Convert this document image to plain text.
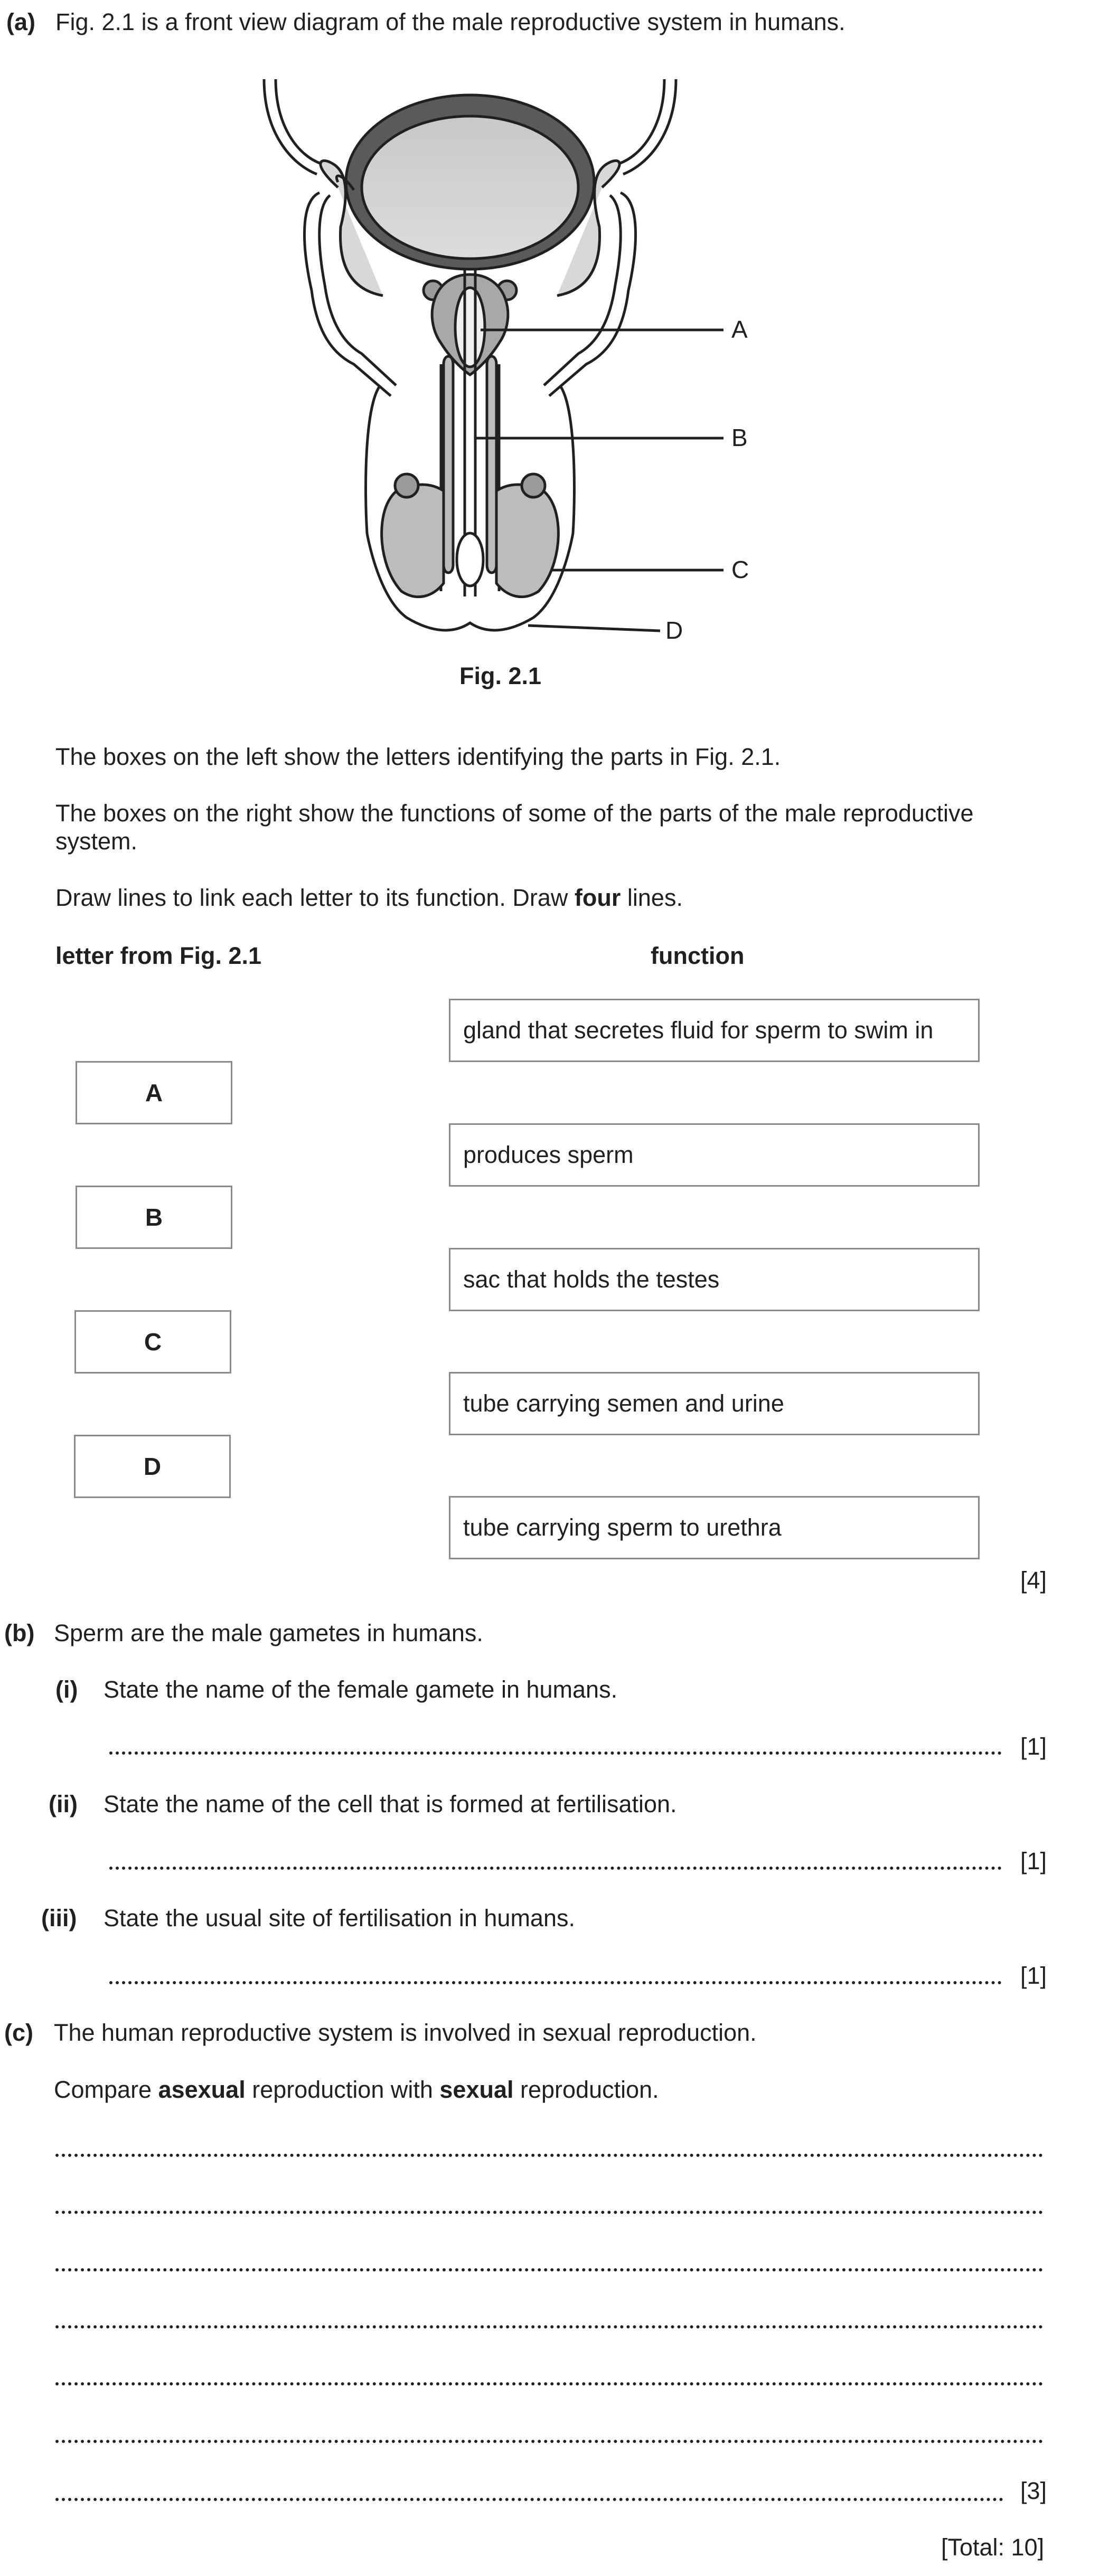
(a) Fig. 2.1 is a front view diagram of the male reproductive system in humans.
A
B
C
D
Fig. 2.1
The boxes on the left show the letters identifying the parts in Fig. 2.1.
The boxes on the right show the functions of some of the parts of the male reproductive
system.
Draw lines to link each letter to its function. Draw four lines.
letter from Fig. 2.1	function
A
B
C
D
gland that secretes fluid for sperm to swim in
produces sperm
sac that holds the testes
tube carrying semen and urine
tube carrying sperm to urethra
[4]
(b) Sperm are the male gametes in humans.
(i) State the name of the female gamete in humans.
[1]
(ii) State the name of the cell that is formed at fertilisation.
[1]
(iii) State the usual site of fertilisation in humans.
[1]
(c) The human reproductive system is involved in sexual reproduction.
Compare asexual reproduction with sexual reproduction.
[3]
[Total: 10]
